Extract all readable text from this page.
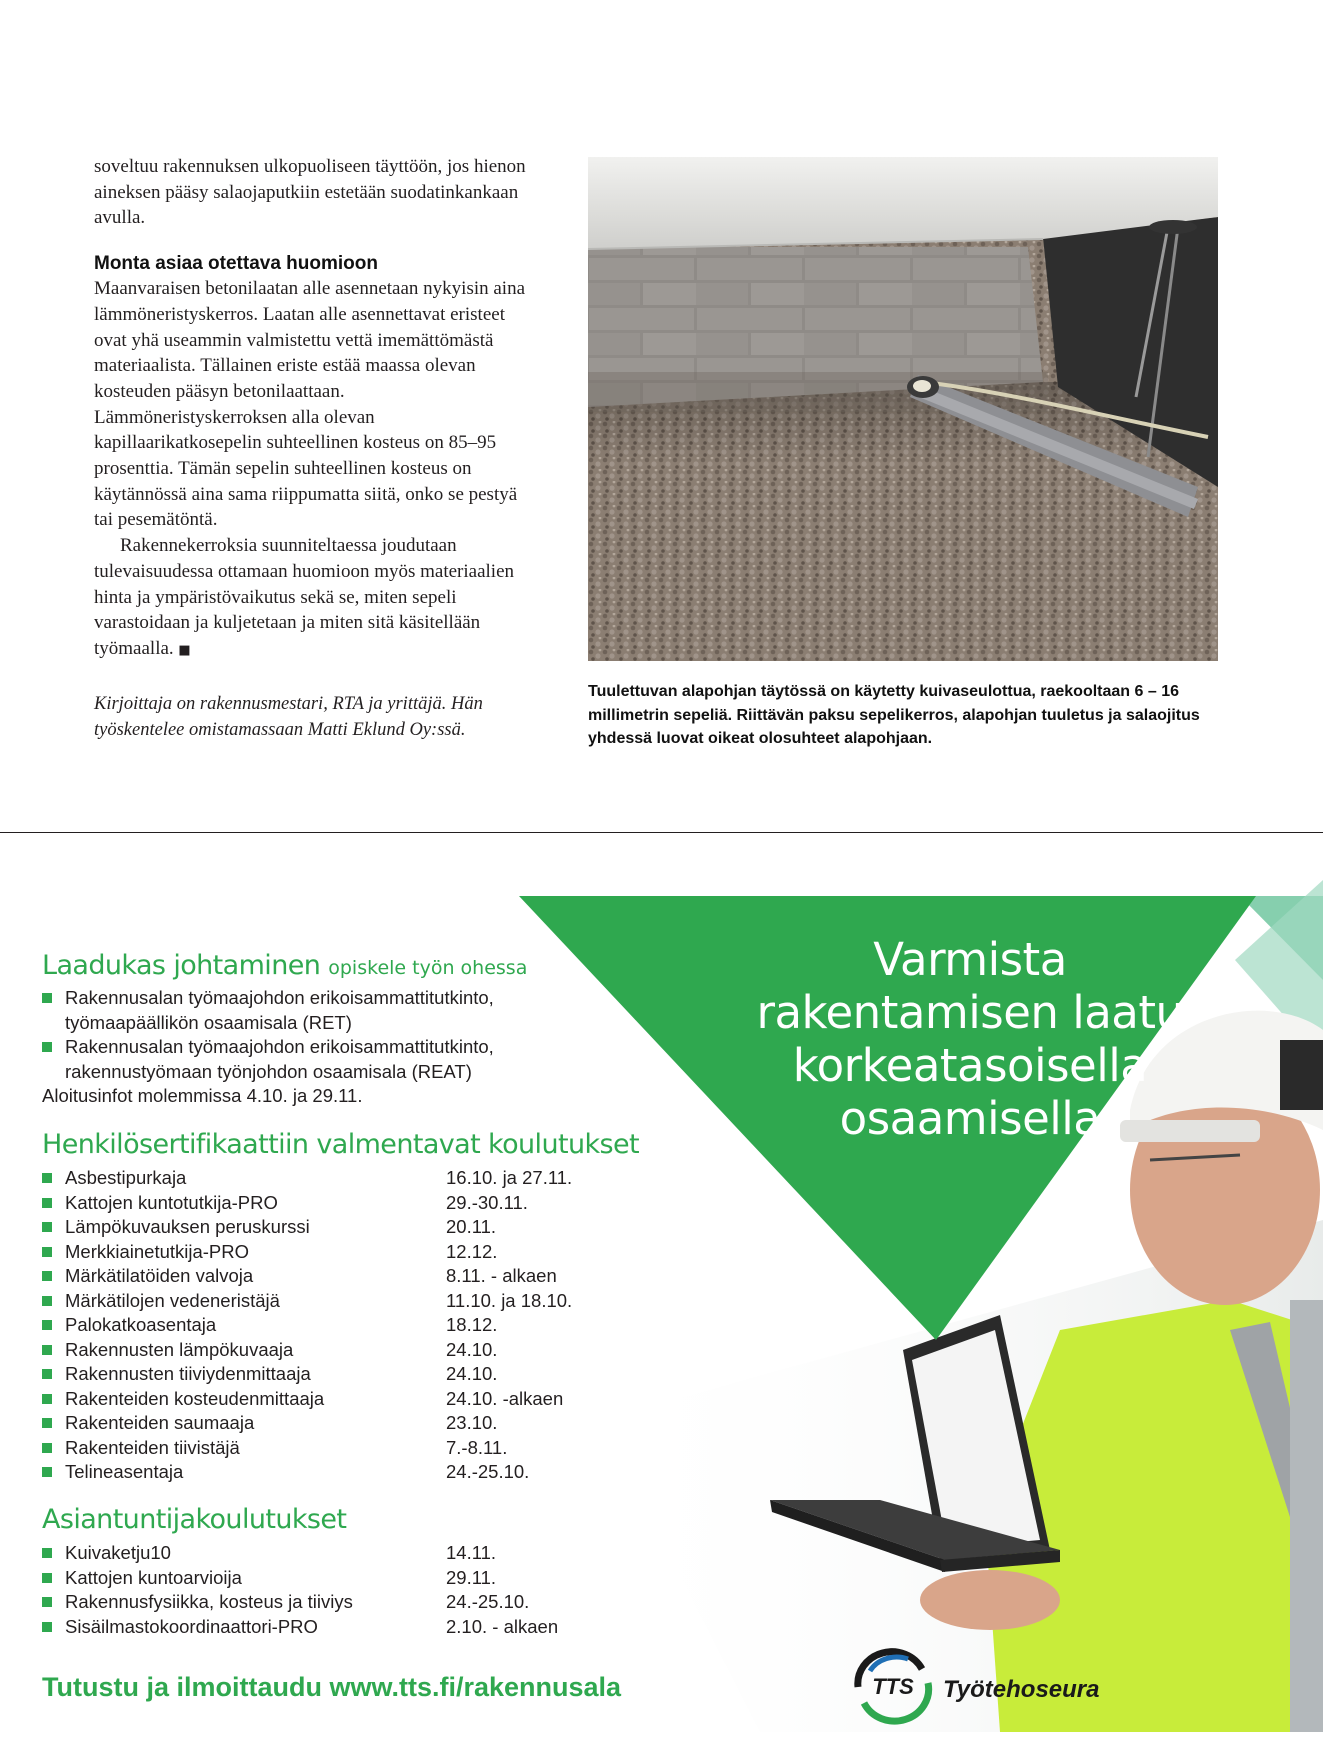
soveltuu rakennuksen ulkopuoliseen täyttöön, jos hienon aineksen pääsy salaojaputkiin estetään suodatinkankaan avulla.

Monta asiaa otettava huomioon

Maanvaraisen betonilaatan alle asennetaan nykyisin aina lämmöneristyskerros. Laatan alle asennettavat eristeet ovat yhä useammin valmistettu vettä imemättömästä materiaalista. Tällainen eriste estää maassa olevan kosteuden pääsyn betonilaattaan. Lämmöneristyskerroksen alla olevan kapillaarikatkosepelin suhteellinen kosteus on 85–95 prosenttia. Tämän sepelin suhteellinen kosteus on käytännössä aina sama riippumatta siitä, onko se pestyä tai pesemätöntä.

Rakennekerroksia suunniteltaessa joudutaan tulevaisuudessa ottamaan huomioon myös materiaalien hinta ja ympäristövaikutus sekä se, miten sepeli varastoidaan ja kuljetetaan ja miten sitä käsitellään työmaalla. ■

Kirjoittaja on rakennusmestari, RTA ja yrittäjä. Hän työskentelee omistamassaan Matti Eklund Oy:ssä.
Tuulettuvan alapohjan täytössä on käytetty kuivaseulottua, raekooltaan 6 – 16 millimetrin sepeliä. Riittävän paksu sepelikerros, alapohjan tuuletus ja salaojitus yhdessä luovat oikeat olosuhteet alapohjaan.
Varmista
rakentamisen laatu
korkeatasoisella
osaamisella
Laadukas johtaminen opiskele työn ohessa
Rakennusalan työmaajohdon erikoisammattitutkinto,
työmaapäällikön osaamisala (RET)
Rakennusalan työmaajohdon erikoisammattitutkinto,
rakennustyömaan työnjohdon osaamisala (REAT)
Aloitusinfot molemmissa 4.10. ja 29.11.
Henkilösertifikaattiin valmentavat koulutukset
Asbestipurkaja	16.10. ja 27.11.
Kattojen kuntotutkija-PRO	29.-30.11.
Lämpökuvauksen peruskurssi	20.11.
Merkkiainetutkija-PRO	12.12.
Märkätilatöiden valvoja	8.11. - alkaen
Märkätilojen vedeneristäjä	11.10. ja 18.10.
Palokatkoasentaja	18.12.
Rakennusten lämpökuvaaja	24.10.
Rakennusten tiiviydenmittaaja	24.10.
Rakenteiden kosteudenmittaaja	24.10. -alkaen
Rakenteiden saumaaja	23.10.
Rakenteiden tiivistäjä	7.-8.11.
Telineasentaja	24.-25.10.
Asiantuntijakoulutukset
Kuivaketju10	14.11.
Kattojen kuntoarvioija	29.11.
Rakennusfysiikka, kosteus ja tiiviys	24.-25.10.
Sisäilmastokoordinaattori-PRO	2.10. - alkaen
Tutustu ja ilmoittaudu www.tts.fi/rakennusala	TTS Työtehoseura
